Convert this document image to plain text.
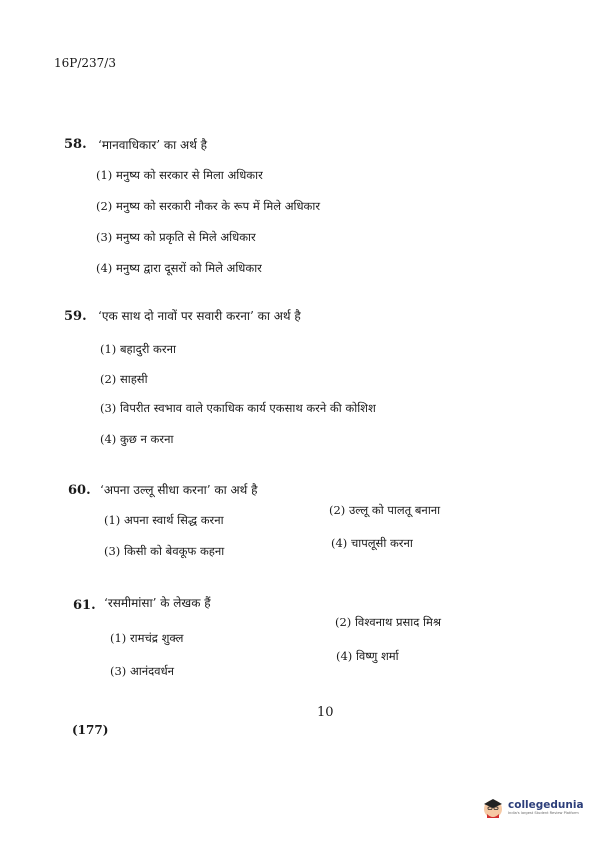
16P/237/3
58. ‘मानवाधिकार’ का अर्थ है
(1) मनुष्य को सरकार से मिला अधिकार
(2) मनुष्य को सरकारी नौकर के रूप में मिले अधिकार
(3) मनुष्य को प्रकृति से मिले अधिकार
(4) मनुष्य द्वारा दूसरों को मिले अधिकार
59. ‘एक साथ दो नावों पर सवारी करना’ का अर्थ है
(1) बहादुरी करना
(2) साहसी
(3) विपरीत स्वभाव वाले एकाधिक कार्य एकसाथ करने की कोशिश
(4) कुछ न करना
60. ‘अपना उल्लू सीधा करना’ का अर्थ है
(1) अपना स्वार्थ सिद्ध करना
(2) उल्लू को पालतू बनाना
(3) किसी को बेवकूफ कहना
(4) चापलूसी करना
61. ‘रसमीमांसा’ के लेखक हैं
(1) रामचंद्र शुक्ल
(2) विश्वनाथ प्रसाद मिश्र
(3) आनंदवर्धन
(4) विष्णु शर्मा
10
(177)
collegedunia
India's largest Student Review Platform
